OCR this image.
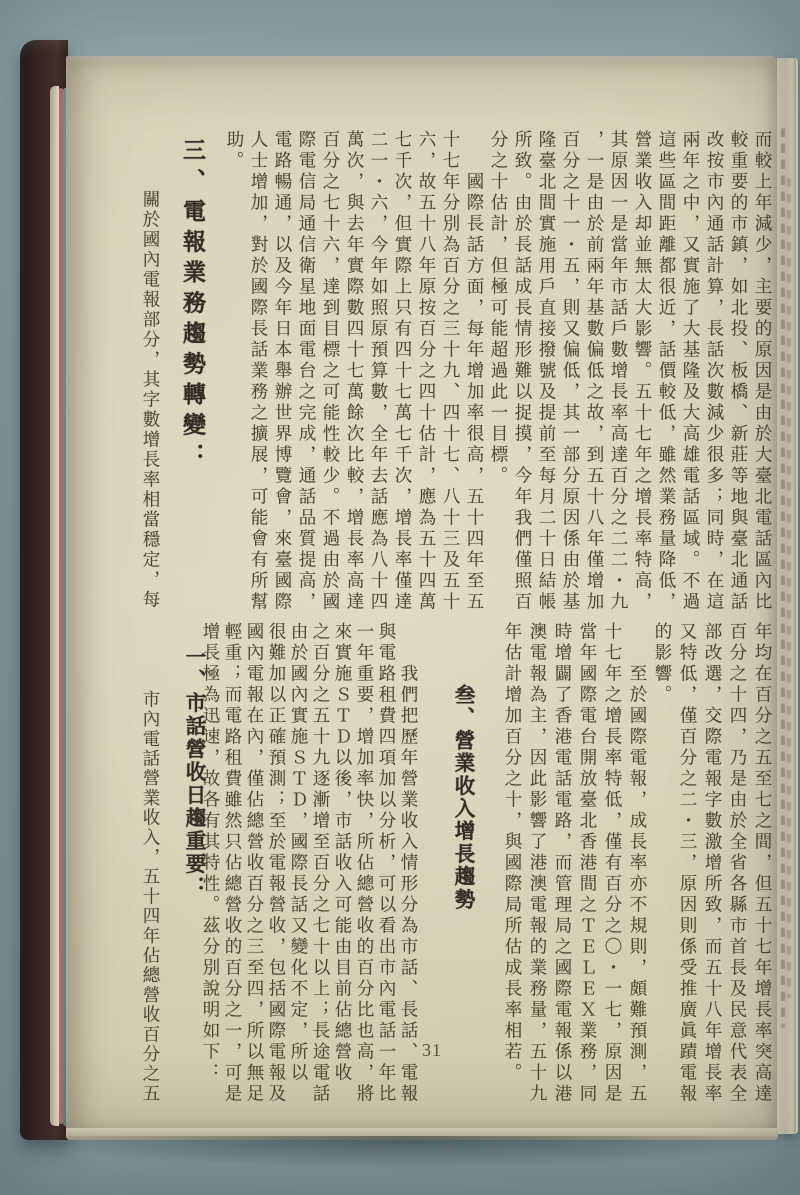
而較上年減少，主要的原因是由於大臺北電話區內比
較重要的市鎮，如北投、板橋、新莊等地與臺北通話
改按市內通話計算，長話次數減少很多；同時，在這
兩年之中，又實施了大基隆及大高雄電話區域。不過
這些區間距離都很近，話價較低，雖然業務量降低，
營業收入却並無太大影響。五十七年之增長率特高，
其原因一是當年市話戶數增長率高達百分之二二・九
，一是由於前兩年基數偏低之故，到五十八年僅增加
百分之十一・五，則又偏低，其一部分原因係由於基
隆臺北間實施用戶直接撥號及提前至每月二十日結帳
所致。由於長話成長情形難以捉摸，今年我們僅照百
分之十估計，但極可能超過此一目標。
　　國際長話方面，每年增加率很高，五十四年至五
十七年分別為百分之三十九、四十七、八十三及五十
六，故五十八年原按百分之四十估計，應為五十四萬
七千次，但實際上只有四十七萬七千次，增長率僅達
二一・六，今年如照原預算數，全年去話應為八十四
萬次，與去年實際數四十七萬餘次比較，增長率高達
百分之七十六，達到目標之可能性較少。不過由於國
際電信局通信衛星地面電台之完成，通話品質提高，
電路暢通，以及今年日本舉辦世界博覽會，來臺國際
人士增加，對於國際長話業務之擴展，可能會有所幫
助。
三、電報業務趨勢轉變：
關於國內電報部分，其字數增長率相當穩定，每
年均在百分之五至七之間，但五十七年增長率突高達
百分之十四，乃是由於全省各縣市首長及民意代表全
部改選，交際電報字數激增所致，而五十八年增長率
又特低，僅百分之二・三，原因則係受推廣眞蹟電報
的影響。
　　至於國際電報，成長率亦不規則，頗難預測，五
十七年之增長率特低，僅有百分之〇・一七，原因是
當年國際電台開放臺北香港間之ＴＥＬＥＸ業務，同
時增闢了香港電話電路，而管理局之國際電報係以港
澳電報為主，因此影響了港澳電報的業務量，五十九
年估計增加百分之十，與國際局所估成長率相若。
叁、營業收入增長趨勢
　　我們把歷年營業收入情形分為市話、長話、電報
與電路租費四項加以分析，可以看出市內電話一年比
一年重要，增加率快，所佔總營收的百分比也高，將
來實施ＳＴＤ以後，市話收入可能由目前佔總營收
之百分之五十九逐漸增至百分之七十以上；長途電話
由於國內實施ＳＴＤ，國際長話又變化不定，所以
很難加以正確預測；至於電報營收，包括國際電報及
國內電報在內，僅佔總營收百分之三至四，所以無足
輕重；而電路租費雖然只佔總營收的百分之一，可是
增長極為迅速，故各有其特性。茲分別說明如下：
一、市話營收日趨重要：
市內電話營業收入，五十四年佔總營收百分之五	31
